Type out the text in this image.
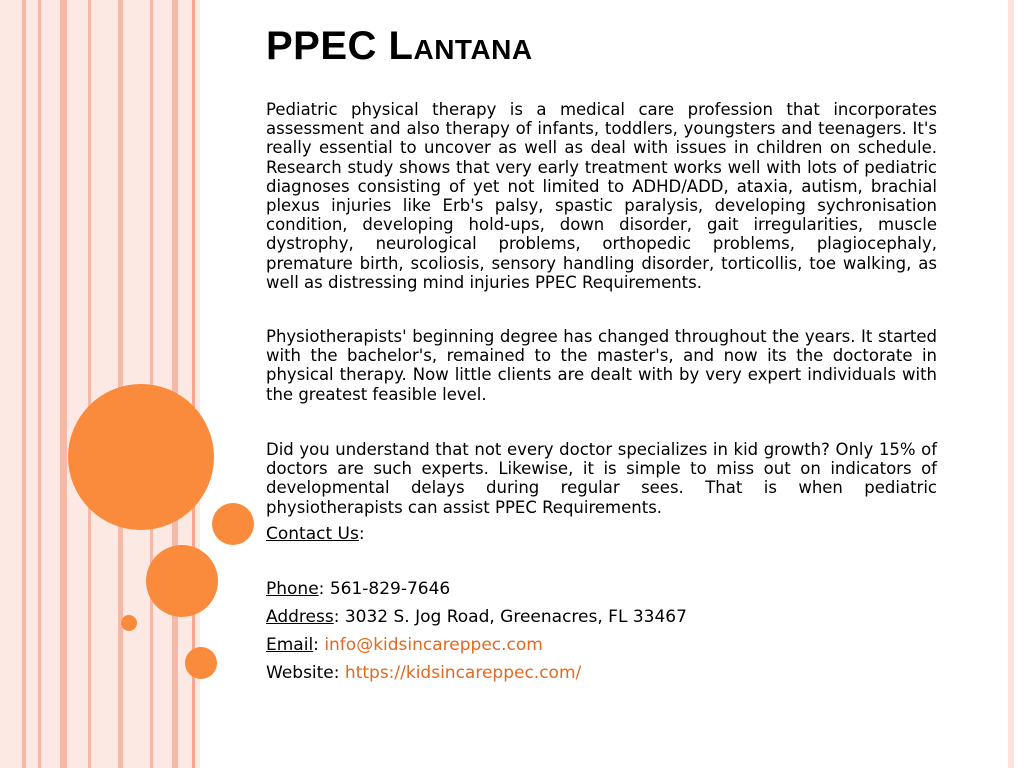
PPEC Lantana

Pediatric physical therapy is a medical care profession that incorporates assessment and also therapy of infants, toddlers, youngsters and teenagers. It's really essential to uncover as well as deal with issues in children on schedule. Research study shows that very early treatment works well with lots of pediatric diagnoses consisting of yet not limited to ADHD/ADD, ataxia, autism, brachial plexus injuries like Erb's palsy, spastic paralysis, developing sychronisation condition, developing hold-ups, down disorder, gait irregularities, muscle dystrophy, neurological problems, orthopedic problems, plagiocephaly, premature birth, scoliosis, sensory handling disorder, torticollis, toe walking, as well as distressing mind injuries PPEC Requirements.

Physiotherapists' beginning degree has changed throughout the years. It started with the bachelor's, remained to the master's, and now its the doctorate in physical therapy. Now little clients are dealt with by very expert individuals with the greatest feasible level.

Did you understand that not every doctor specializes in kid growth? Only 15% of doctors are such experts. Likewise, it is simple to miss out on indicators of developmental delays during regular sees. That is when pediatric physiotherapists can assist PPEC Requirements.

Contact Us:

Phone: 561-829-7646

Address: 3032 S. Jog Road, Greenacres, FL 33467

Email: info@kidsincareppec.com

Website: https://kidsincareppec.com/
